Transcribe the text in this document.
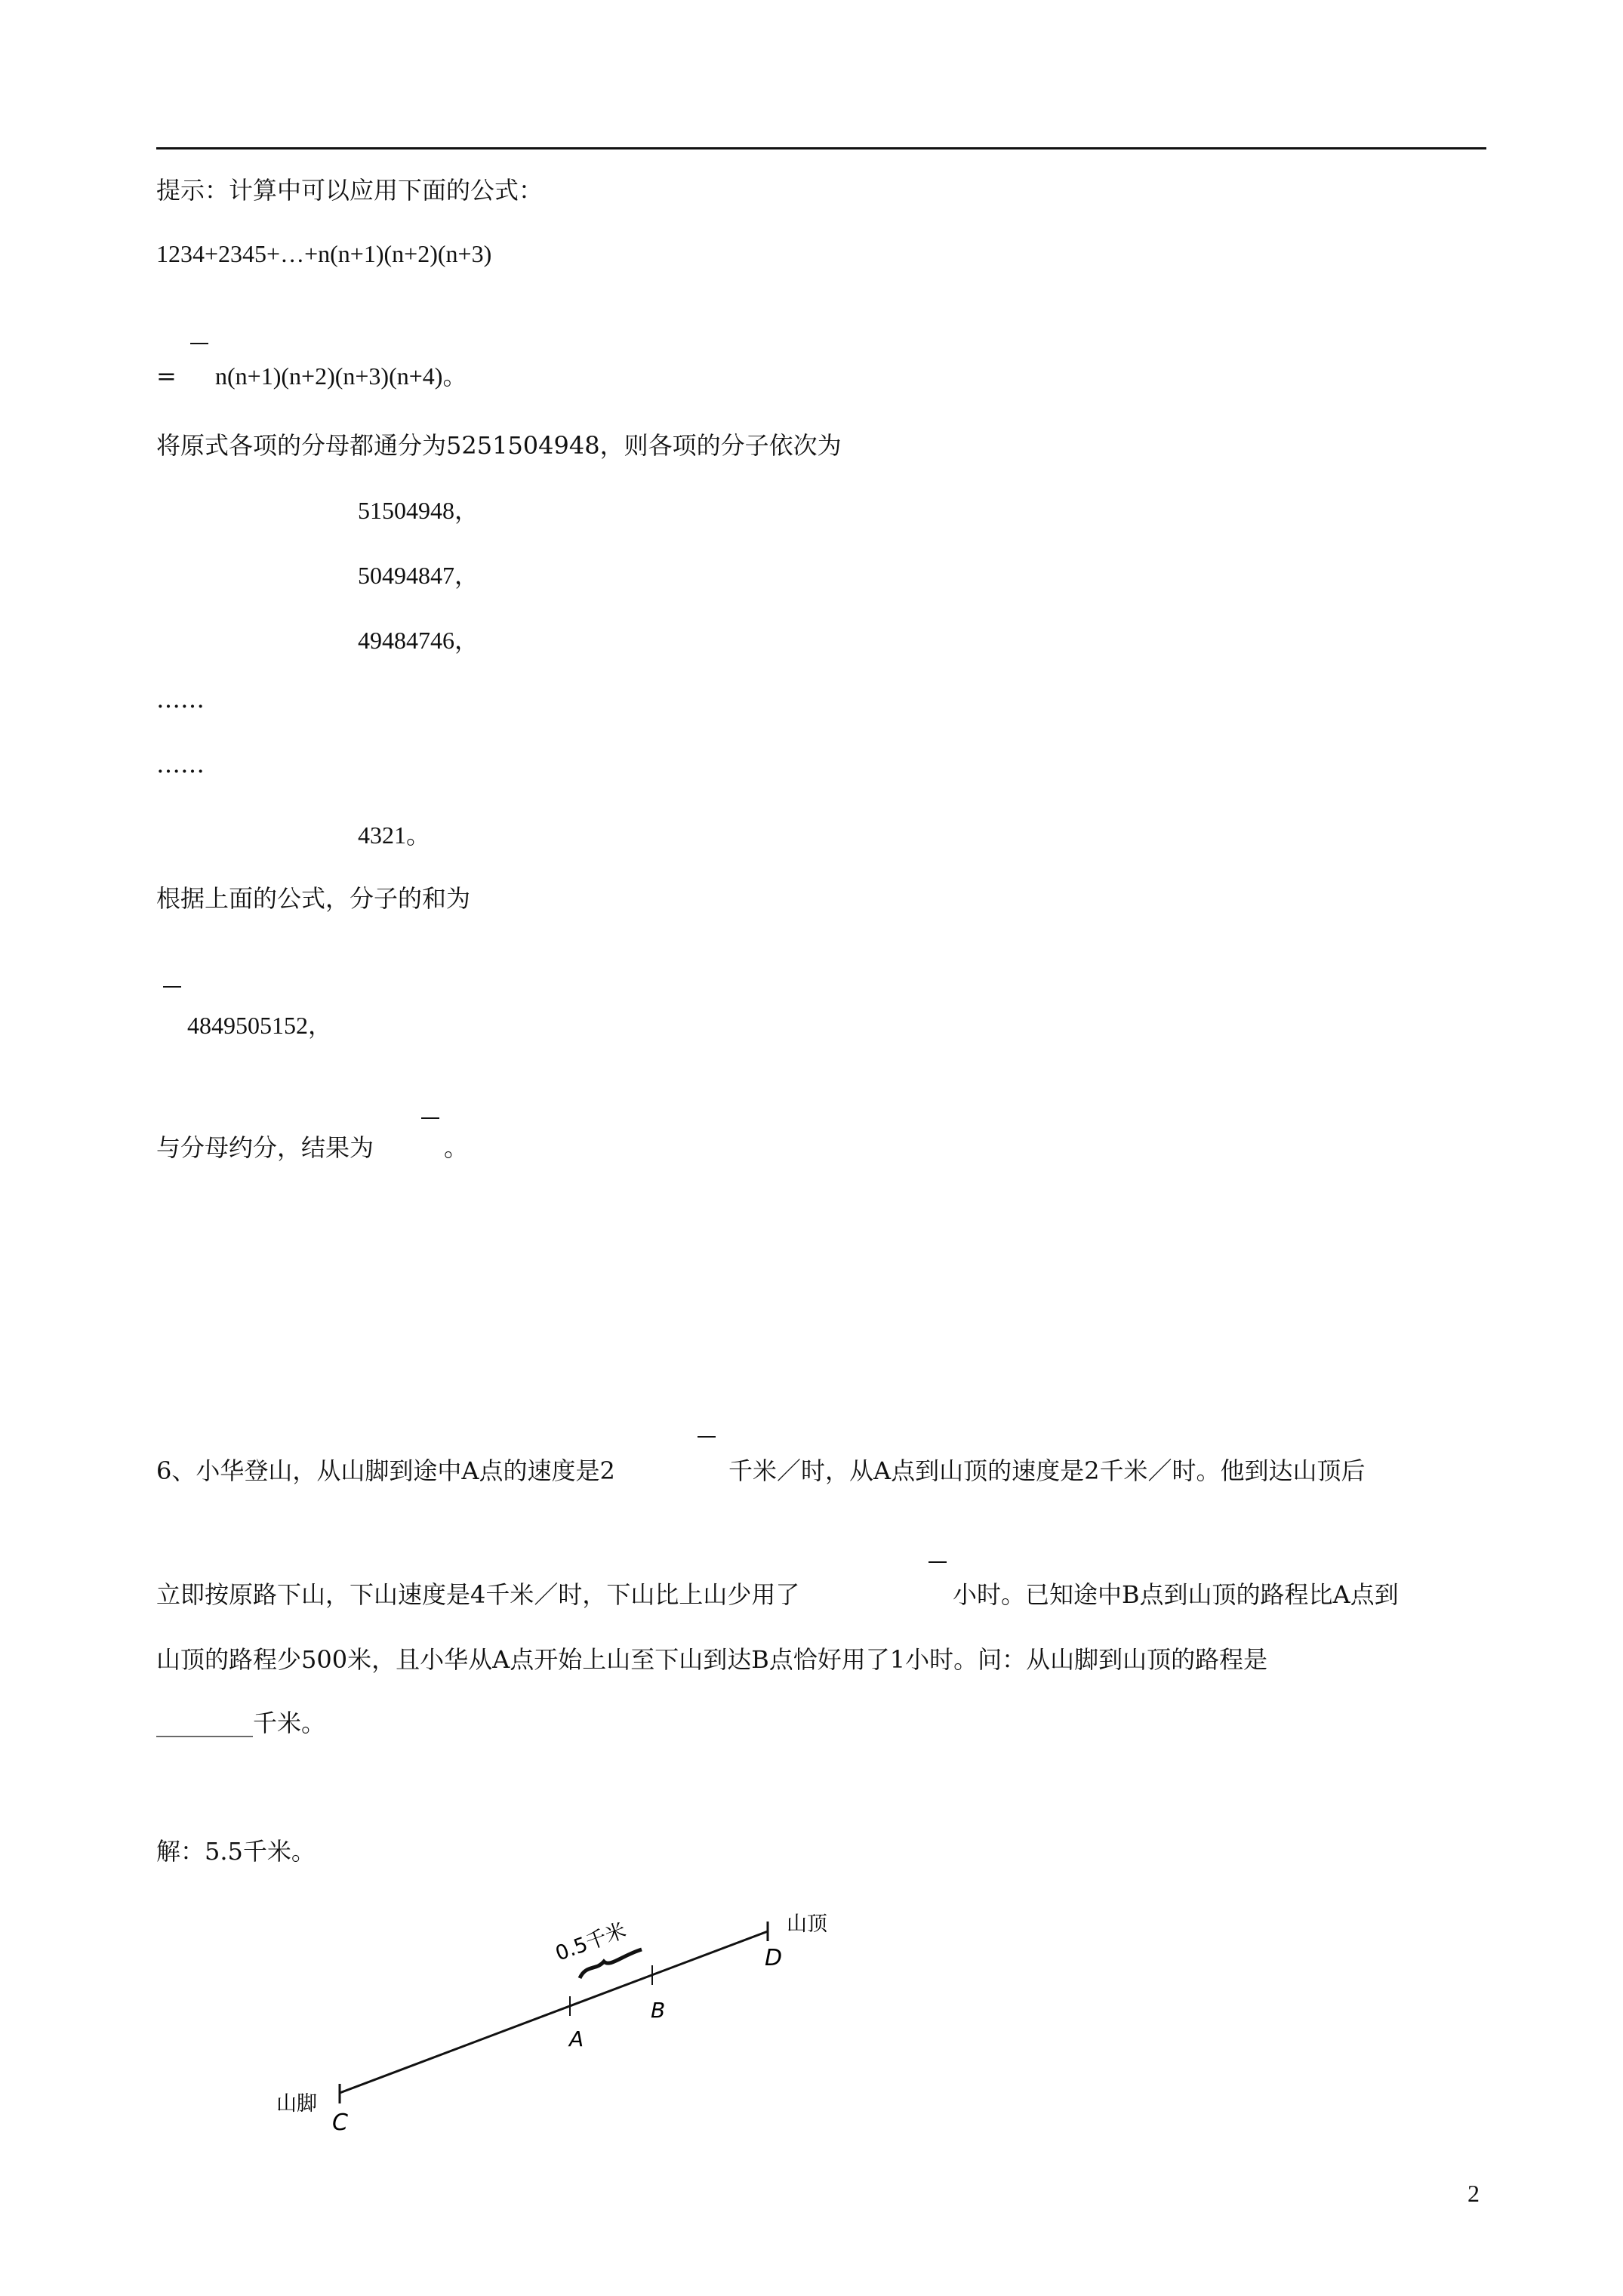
提示：计算中可以应用下面的公式：
1234+2345+…+n(n+1)(n+2)(n+3)
= n(n+1)(n+2)(n+3)(n+4)。
将原式各项的分母都通分为5251504948，则各项的分子依次为
51504948，
50494847，
49484746，
……
……
4321。
根据上面的公式，分子的和为
4849505152，
与分母约分，结果为	。
6、小华登山，从山脚到途中A点的速度是2	千米／时，从A点到山顶的速度是2千米／时。他到达山顶后
立即按原路下山，下山速度是4千米／时，下山比上山少用了	小时。已知途中B点到山顶的路程比A点到
山顶的路程少500米，且小华从A点开始上山至下山到达B点恰好用了1小时。问：从山脚到山顶的路程是
________千米。
解：5.5千米。
山顶
山脚
0.5千米
A
B
C
D
2
